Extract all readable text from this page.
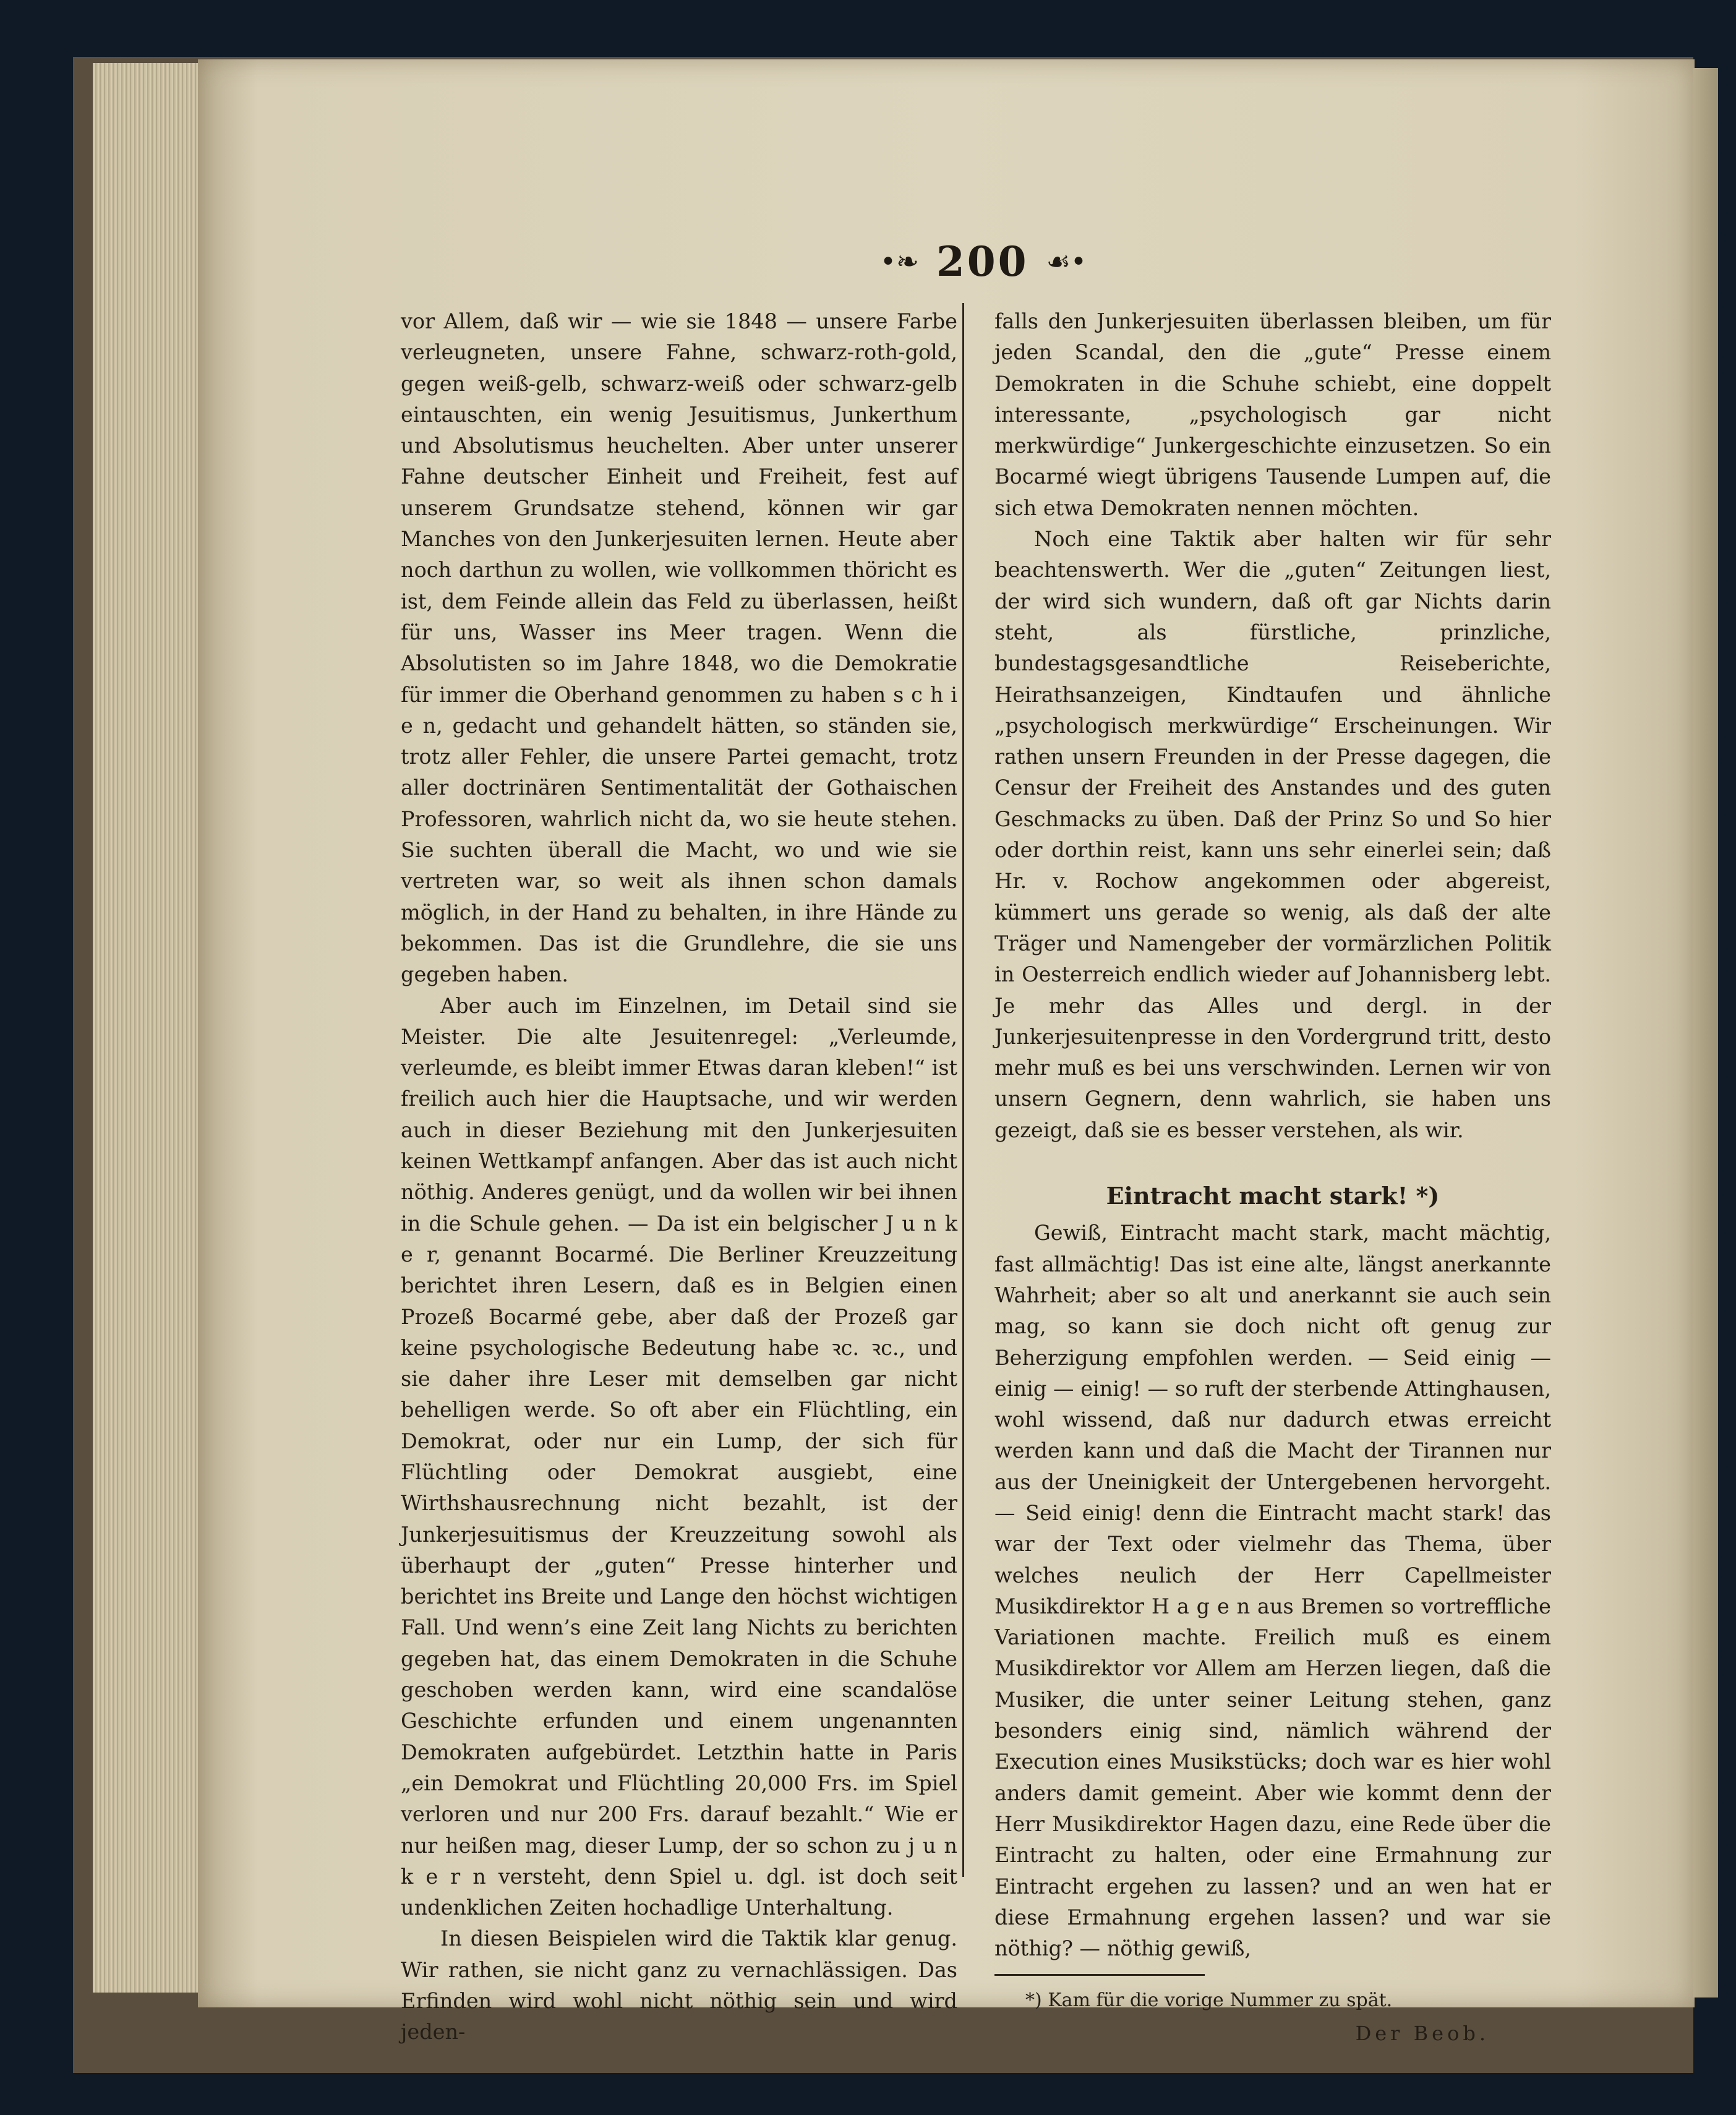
•❧ 200 ☙•

vor Allem, daß wir — wie sie 1848 — unsere Farbe verleugneten, unsere Fahne, schwarz-roth-gold, gegen weiß-gelb, schwarz-weiß oder schwarz-gelb eintauschten, ein wenig Jesuitismus, Junkerthum und Absolutismus heuchelten. Aber unter unserer Fahne deutscher Einheit und Freiheit, fest auf unserem Grundsatze stehend, können wir gar Manches von den Junkerjesuiten lernen. Heute aber noch darthun zu wollen, wie vollkommen thöricht es ist, dem Feinde allein das Feld zu überlassen, heißt für uns, Wasser ins Meer tragen. Wenn die Absolutisten so im Jahre 1848, wo die Demokratie für immer die Oberhand genommen zu haben s c h i e n, gedacht und gehandelt hätten, so ständen sie, trotz aller Fehler, die unsere Partei gemacht, trotz aller doctrinären Sentimentalität der Gothaischen Professoren, wahrlich nicht da, wo sie heute stehen. Sie suchten überall die Macht, wo und wie sie vertreten war, so weit als ihnen schon damals möglich, in der Hand zu behalten, in ihre Hände zu bekommen. Das ist die Grundlehre, die sie uns gegeben haben.

Aber auch im Einzelnen, im Detail sind sie Meister. Die alte Jesuitenregel: „Verleumde, verleumde, es bleibt immer Etwas daran kleben!“ ist freilich auch hier die Hauptsache, und wir werden auch in dieser Beziehung mit den Junkerjesuiten keinen Wettkampf anfangen. Aber das ist auch nicht nöthig. Anderes genügt, und da wollen wir bei ihnen in die Schule gehen. — Da ist ein belgischer J u n k e r, genannt Bocarmé. Die Berliner Kreuzzeitung berichtet ihren Lesern, daß es in Belgien einen Prozeß Bocarmé gebe, aber daß der Prozeß gar keine psychologische Bedeutung habe ꝛc. ꝛc., und sie daher ihre Leser mit demselben gar nicht behelligen werde. So oft aber ein Flüchtling, ein Demokrat, oder nur ein Lump, der sich für Flüchtling oder Demokrat ausgiebt, eine Wirthshausrechnung nicht bezahlt, ist der Junkerjesuitismus der Kreuzzeitung sowohl als überhaupt der „guten“ Presse hinterher und berichtet ins Breite und Lange den höchst wichtigen Fall. Und wenn’s eine Zeit lang Nichts zu berichten gegeben hat, das einem Demokraten in die Schuhe geschoben werden kann, wird eine scandalöse Geschichte erfunden und einem ungenannten Demokraten aufgebürdet. Letzthin hatte in Paris „ein Demokrat und Flüchtling 20,000 Frs. im Spiel verloren und nur 200 Frs. darauf bezahlt.“ Wie er nur heißen mag, dieser Lump, der so schon zu j u n k e r n versteht, denn Spiel u. dgl. ist doch seit undenklichen Zeiten hochadlige Unterhaltung.

In diesen Beispielen wird die Taktik klar genug. Wir rathen, sie nicht ganz zu vernachlässigen. Das Erfinden wird wohl nicht nöthig sein und wird jeden-

falls den Junkerjesuiten überlassen bleiben, um für jeden Scandal, den die „gute“ Presse einem Demokraten in die Schuhe schiebt, eine doppelt interessante, „psychologisch gar nicht merkwürdige“ Junkergeschichte einzusetzen. So ein Bocarmé wiegt übrigens Tausende Lumpen auf, die sich etwa Demokraten nennen möchten.

Noch eine Taktik aber halten wir für sehr beachtenswerth. Wer die „guten“ Zeitungen liest, der wird sich wundern, daß oft gar Nichts darin steht, als fürstliche, prinzliche, bundestagsgesandtliche Reiseberichte, Heirathsanzeigen, Kindtaufen und ähnliche „psychologisch merkwürdige“ Erscheinungen. Wir rathen unsern Freunden in der Presse dagegen, die Censur der Freiheit des Anstandes und des guten Geschmacks zu üben. Daß der Prinz So und So hier oder dorthin reist, kann uns sehr einerlei sein; daß Hr. v. Rochow angekommen oder abgereist, kümmert uns gerade so wenig, als daß der alte Träger und Namengeber der vormärzlichen Politik in Oesterreich endlich wieder auf Johannisberg lebt. Je mehr das Alles und dergl. in der Junkerjesuitenpresse in den Vordergrund tritt, desto mehr muß es bei uns verschwinden. Lernen wir von unsern Gegnern, denn wahrlich, sie haben uns gezeigt, daß sie es besser verstehen, als wir.

Eintracht macht stark! *)

Gewiß, Eintracht macht stark, macht mächtig, fast allmächtig! Das ist eine alte, längst anerkannte Wahrheit; aber so alt und anerkannt sie auch sein mag, so kann sie doch nicht oft genug zur Beherzigung empfohlen werden. — Seid einig — einig — einig! — so ruft der sterbende Attinghausen, wohl wissend, daß nur dadurch etwas erreicht werden kann und daß die Macht der Tirannen nur aus der Uneinigkeit der Untergebenen hervorgeht. — Seid einig! denn die Eintracht macht stark! das war der Text oder vielmehr das Thema, über welches neulich der Herr Capellmeister Musikdirektor H a g e n aus Bremen so vortreffliche Variationen machte. Freilich muß es einem Musikdirektor vor Allem am Herzen liegen, daß die Musiker, die unter seiner Leitung stehen, ganz besonders einig sind, nämlich während der Execution eines Musikstücks; doch war es hier wohl anders damit gemeint. Aber wie kommt denn der Herr Musikdirektor Hagen dazu, eine Rede über die Eintracht zu halten, oder eine Ermahnung zur Eintracht ergehen zu lassen? und an wen hat er diese Ermahnung ergehen lassen? und war sie nöthig? — nöthig gewiß,

*) Kam für die vorige Nummer zu spät.
Der Beob.
